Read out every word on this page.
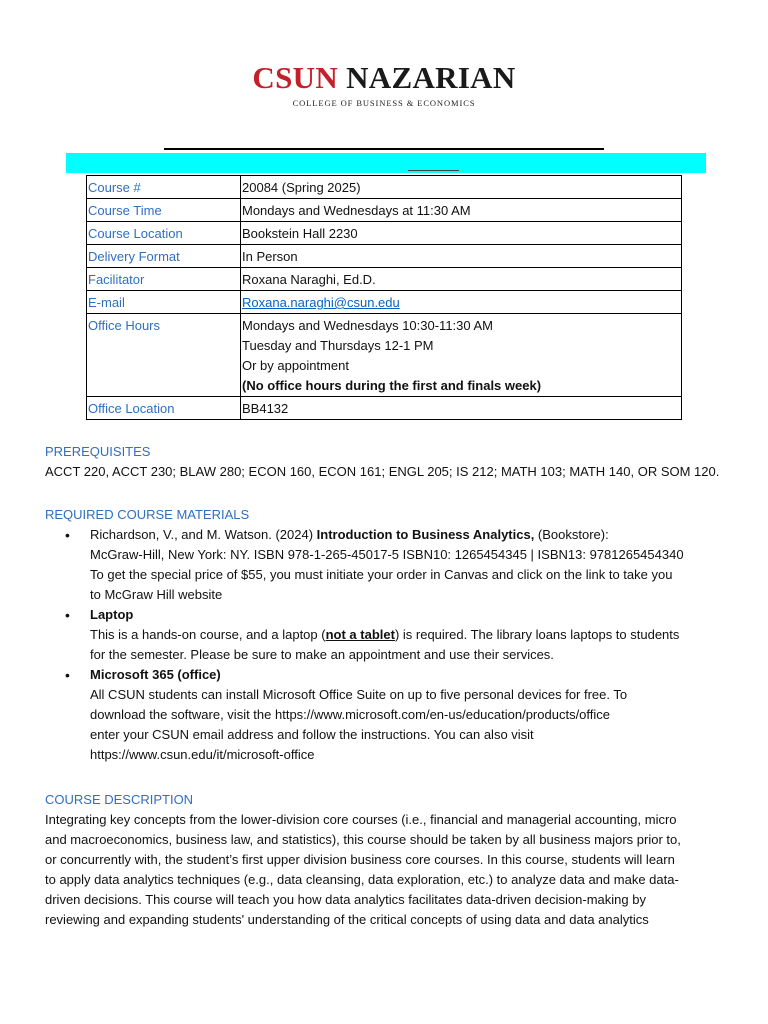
CSUN NAZARIAN
COLLEGE OF BUSINESS & ECONOMICS
Course #	20084 (Spring 2025)
Course Time	Mondays and Wednesdays at 11:30 AM
Course Location	Bookstein Hall 2230
Delivery Format	In Person
Facilitator	Roxana Naraghi, Ed.D.
E-mail	Roxana.naraghi@csun.edu
Office Hours	Mondays and Wednesdays 10:30-11:30 AM
Tuesday and Thursdays 12-1 PM
Or by appointment
(No office hours during the first and finals week)

Office Location	BB4132
PREREQUISITES
ACCT 220, ACCT 230; BLAW 280; ECON 160, ECON 161; ENGL 205; IS 212; MATH 103; MATH 140, OR SOM 120.
REQUIRED COURSE MATERIALS
• Richardson, V., and M. Watson. (2024) Introduction to Business Analytics, (Bookstore):
McGraw-Hill, New York: NY. ISBN 978-1-265-45017-5 ISBN10: 1265454345 | ISBN13: 9781265454340
To get the special price of $55, you must initiate your order in Canvas and click on the link to take you
to McGraw Hill website
• Laptop
This is a hands-on course, and a laptop (not a tablet) is required. The library loans laptops to students
for the semester. Please be sure to make an appointment and use their services.
• Microsoft 365 (office)
All CSUN students can install Microsoft Office Suite on up to five personal devices for free. To
download the software, visit the https://www.microsoft.com/en-us/education/products/office
enter your CSUN email address and follow the instructions. You can also visit
https://www.csun.edu/it/microsoft-office
COURSE DESCRIPTION
Integrating key concepts from the lower-division core courses (i.e., financial and managerial accounting, micro
and macroeconomics, business law, and statistics), this course should be taken by all business majors prior to,
or concurrently with, the student’s first upper division business core courses. In this course, students will learn
to apply data analytics techniques (e.g., data cleansing, data exploration, etc.) to analyze data and make data-
driven decisions. This course will teach you how data analytics facilitates data-driven decision-making by
reviewing and expanding students' understanding of the critical concepts of using data and data analytics
